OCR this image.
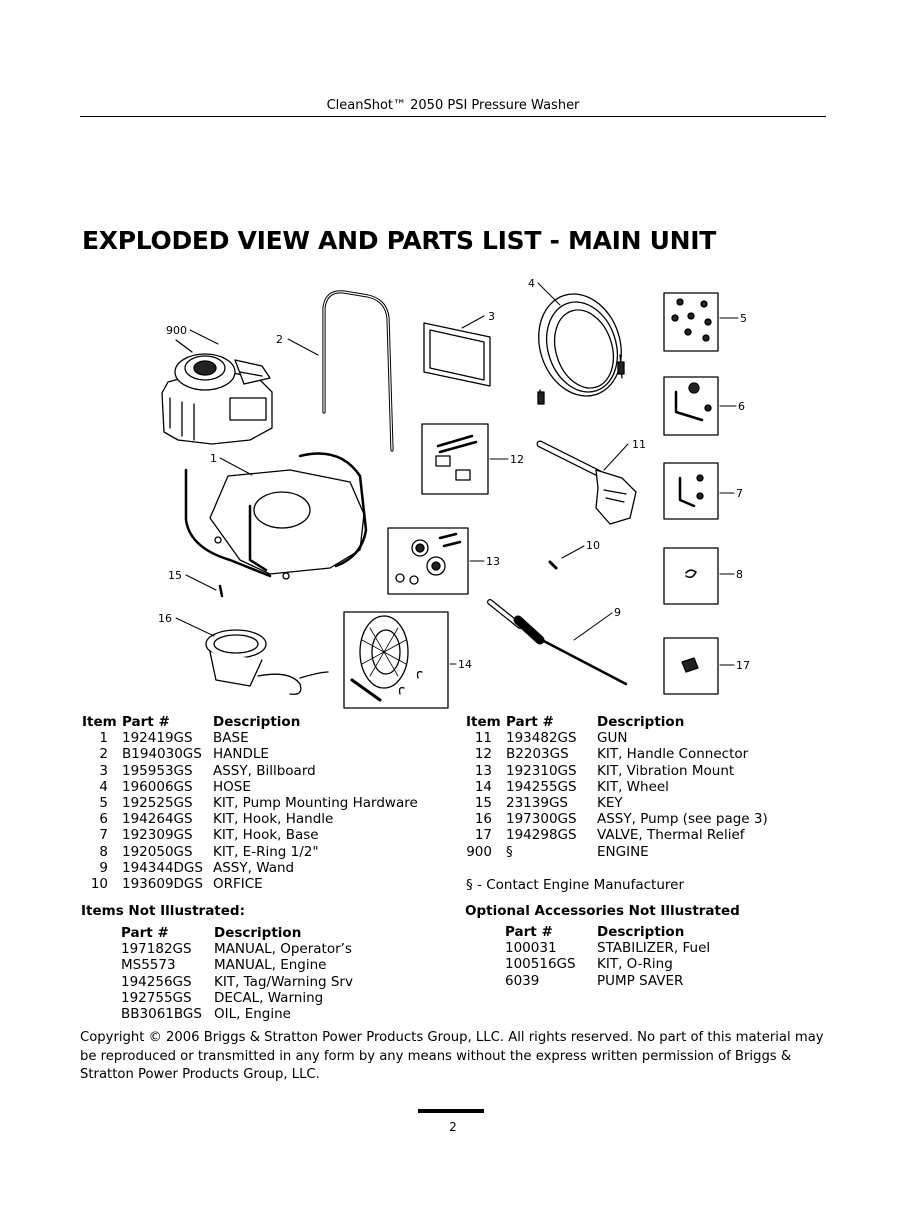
CleanShot™ 2050 PSI Pressure Washer
EXPLODED VIEW AND PARTS LIST - MAIN UNIT
900
2
3
4
5
6
1	12
11
7
13
10
8
15
9
16
14	17
Item Part #	Description
1 192419GS BASE
2 B194030GS HANDLE
3 195953GS ASSY, Billboard
4 196006GS HOSE
5 192525GS KIT, Pump Mounting Hardware
6 194264GS KIT, Hook, Handle
7 192309GS KIT, Hook, Base
8 192050GS KIT, E-Ring 1/2"
9 194344DGS ASSY, Wand
10 193609DGS ORFICE
Item Part #	Description
11 193482GS GUN
12 B2203GS KIT, Handle Connector
13 192310GS KIT, Vibration Mount
14 194255GS KIT, Wheel
15 23139GS KEY
16 197300GS ASSY, Pump (see page 3)
17 194298GS VALVE, Thermal Relief
900 §	ENGINE
§ - Contact Engine Manufacturer
Items Not Illustrated:
Part #	Description
197182GS MANUAL, Operator’s
MS5573	MANUAL, Engine
194256GS KIT, Tag/Warning Srv
192755GS DECAL, Warning
BB3061BGS OIL, Engine
Optional Accessories Not Illustrated
Part #	Description
100031	STABILIZER, Fuel
100516GS KIT, O-Ring
6039	PUMP SAVER
Copyright © 2006 Briggs & Stratton Power Products Group, LLC. All rights reserved. No part of this material may be reproduced or transmitted in any form by any means without the express written permission of Briggs & Stratton Power Products Group, LLC.
2
